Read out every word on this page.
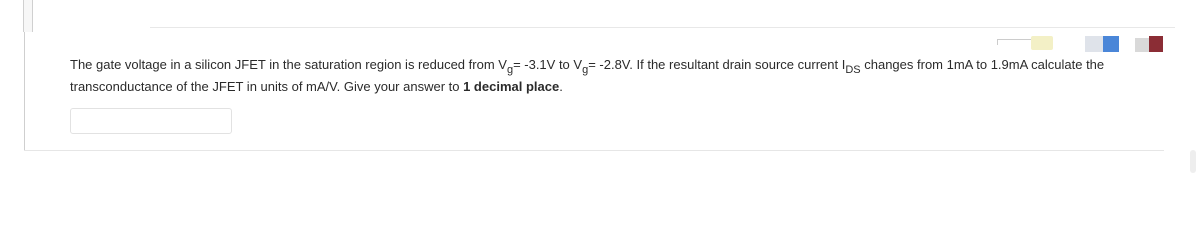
The gate voltage in a silicon JFET in the saturation region is reduced from $V_g= -3.1V$ to $V_g= -2.8V$. If the resultant drain source current $I_{DS}$ changes from 1mA to 1.9mA calculate the transconductance of the JFET in units of mA/V. Give your answer to 1 decimal place.
